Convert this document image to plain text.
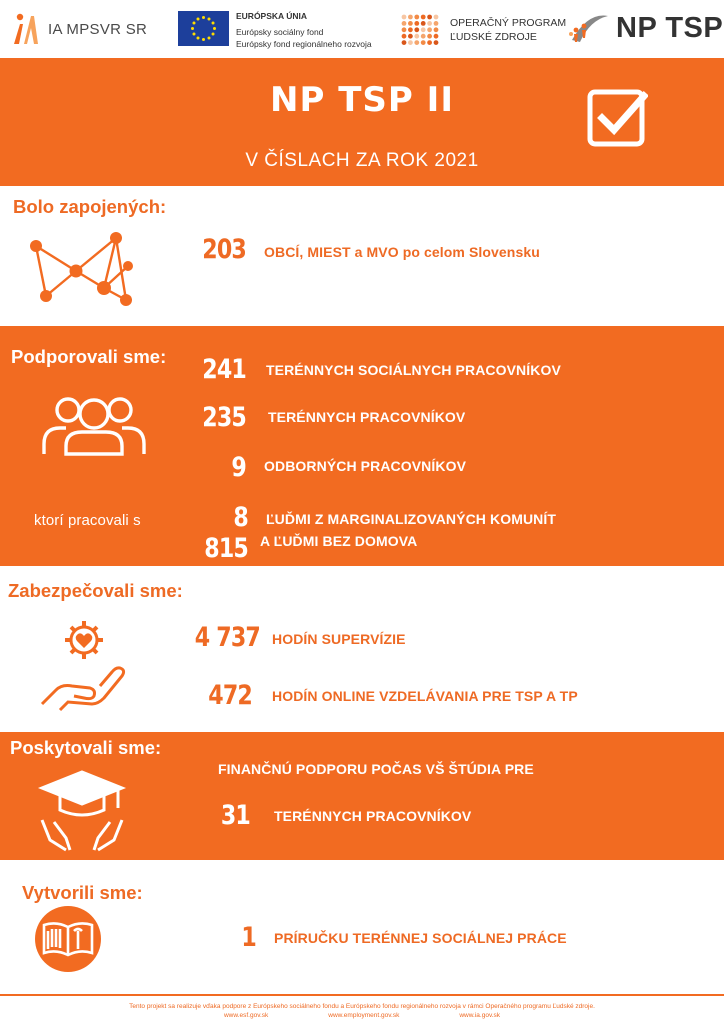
IA MPSVR SR
EURÓPSKA ÚNIA
Európsky sociálny fond
Európsky fond regionálneho rozvoja
OPERAČNÝ PROGRAM
ĽUDSKÉ ZDROJE	NP TSP
NP TSP II
V ČÍSLACH ZA ROK 2021
Bolo zapojených:
203 OBCÍ, MIEST a MVO po celom Slovensku
Podporovali sme:	241 TERÉNNYCH SOCIÁLNYCH PRACOVNÍKOV
235 TERÉNNYCH PRACOVNÍKOV
9 ODBORNÝCH PRACOVNÍKOV
ktorí pracovali s	8 815
ĽUĎMI Z MARGINALIZOVANÝCH KOMUNÍT
A ĽUĎMI BEZ DOMOVA
Zabezpečovali sme:
4 737 HODÍN SUPERVÍZIE
472 HODÍN ONLINE VZDELÁVANIA PRE TSP A TP
Poskytovali sme:
FINANČNÚ PODPORU POČAS VŠ ŠTÚDIA PRE
31 TERÉNNYCH PRACOVNÍKOV
Vytvorili sme:
1 PRÍRUČKU TERÉNNEJ SOCIÁLNEJ PRÁCE
Tento projekt sa realizuje vďaka podpore z Európskeho sociálneho fondu a Európskeho fondu regionálneho rozvoja v rámci Operačného programu Ľudské zdroje.
www.esf.gov.sk	www.employment.gov.sk	www.ia.gov.sk
